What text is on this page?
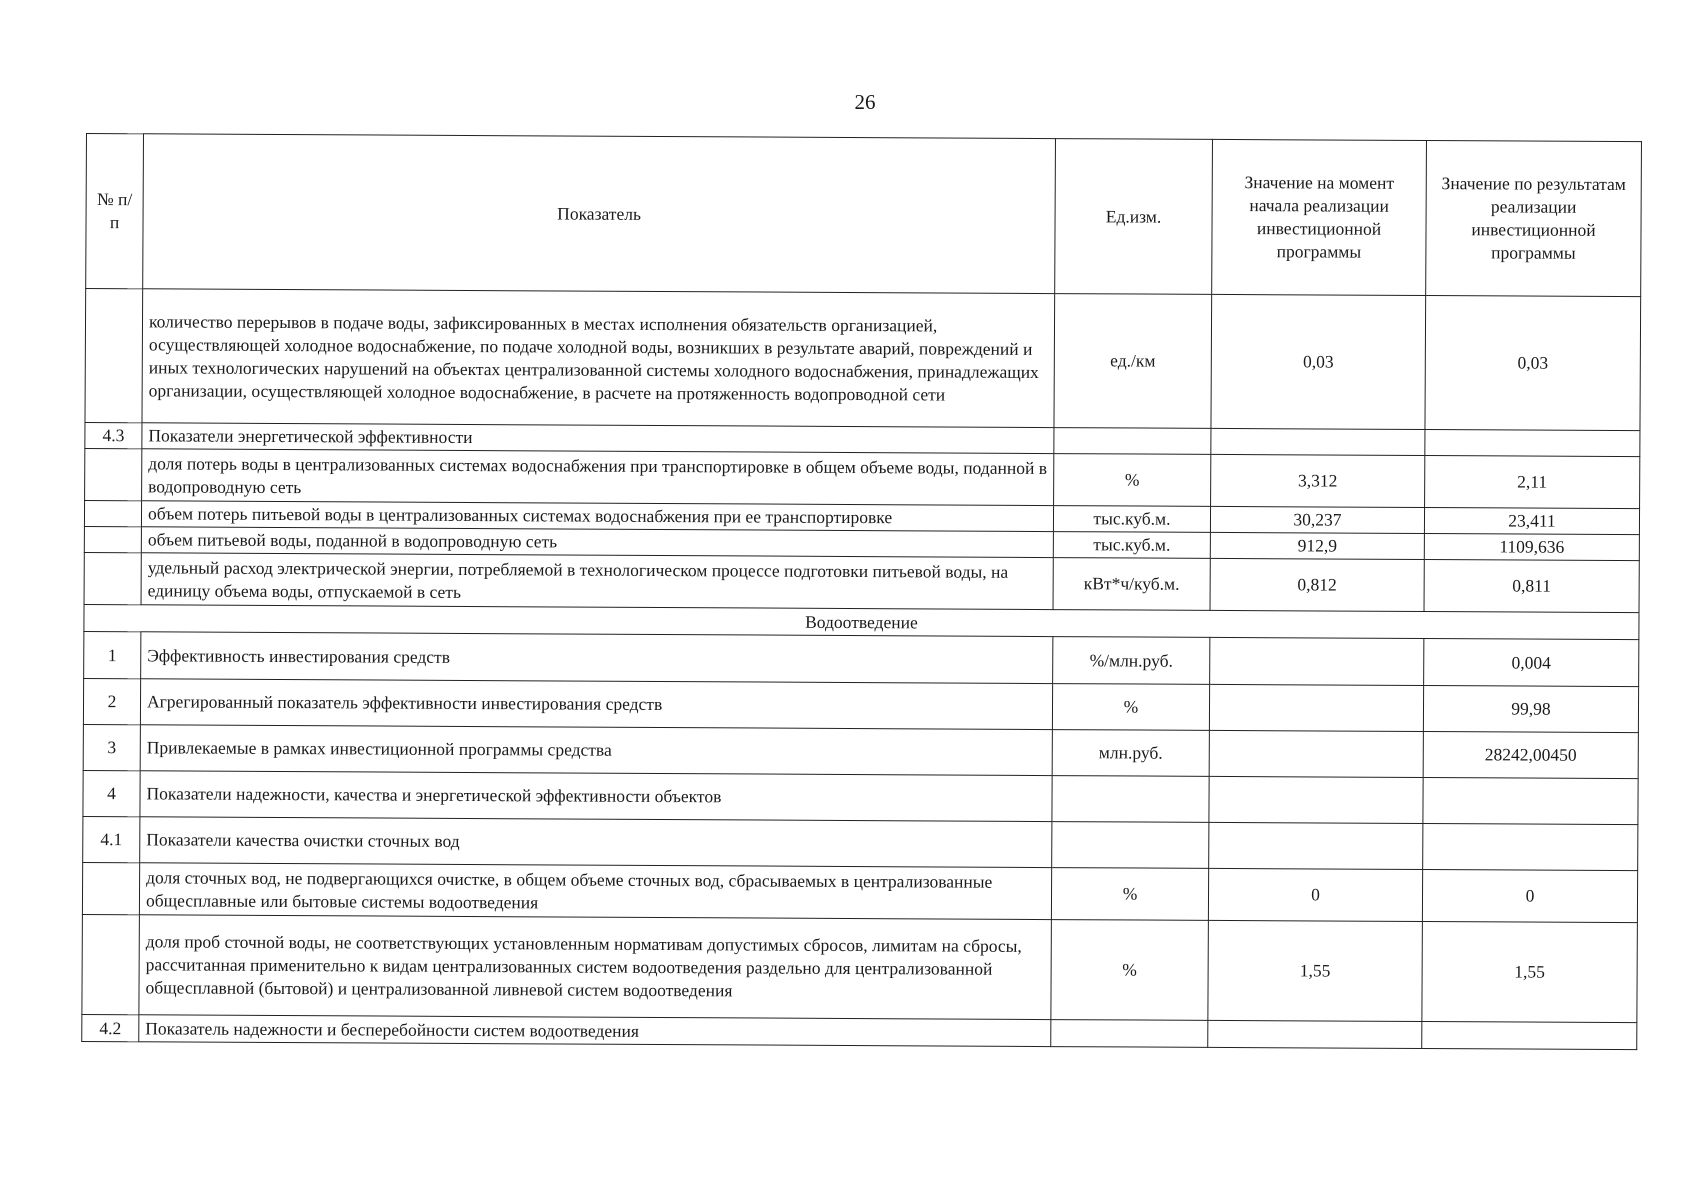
26
№ п/п	Показатель	Ед.изм.	Значение на момент начала реализации инвестиционной программы	Значение по результатам реализации инвестиционной программы
	количество перерывов в подаче воды, зафиксированных в местах исполнения обязательств организацией, осуществляющей холодное водоснабжение, по подаче холодной воды, возникших в результате аварий, повреждений и иных технологических нарушений на объектах централизованной системы холодного водоснабжения, принадлежащих организации, осуществляющей холодное водоснабжение, в расчете на протяженность водопроводной сети	ед./км	0,03	0,03
4.3	Показатели энергетической эффективности			
	доля потерь воды в централизованных системах водоснабжения при транспортировке в общем объеме воды, поданной в водопроводную сеть	%	3,312	2,11
	объем потерь питьевой воды в централизованных системах водоснабжения при ее транспортировке	тыс.куб.м.	30,237	23,411
	объем питьевой воды, поданной в водопроводную сеть	тыс.куб.м.	912,9	1109,636
	удельный расход электрической энергии, потребляемой в технологическом процессе подготовки питьевой воды, на единицу объема воды, отпускаемой в сеть	кВт*ч/куб.м.	0,812	0,811
Водоотведение				
1	Эффективность инвестирования средств	%/млн.руб.		0,004
2	Агрегированный показатель эффективности инвестирования средств	%		99,98
3	Привлекаемые в рамках инвестиционной программы средства	млн.руб.		28242,00450
4	Показатели надежности, качества и энергетической эффективности объектов			
4.1	Показатели качества очистки сточных вод			
	доля сточных вод, не подвергающихся очистке, в общем объеме сточных вод, сбрасываемых в централизованные общесплавные или бытовые системы водоотведения	%	0	0
	доля проб сточной воды, не соответствующих установленным нормативам допустимых сбросов, лимитам на сбросы, рассчитанная применительно к видам централизованных систем водоотведения раздельно для централизованной общесплавной (бытовой) и централизованной ливневой систем водоотведения	%	1,55	1,55
4.2	Показатель надежности и бесперебойности систем водоотведения			
